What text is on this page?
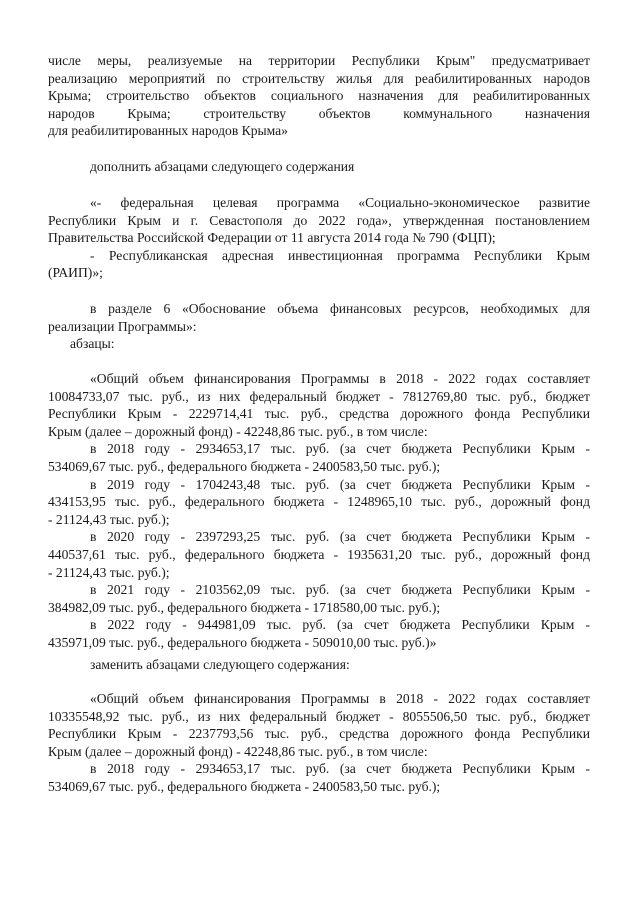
числе меры, реализуемые на территории Республики Крым" предусматривает
реализацию мероприятий по строительству жилья для реабилитированных народов
Крыма; строительство объектов социального назначения для реабилитированных
народов Крыма; строительству объектов коммунального назначения
для реабилитированных народов Крыма»

дополнить абзацами следующего содержания

«- федеральная целевая программа «Социально-экономическое развитие
Республики Крым и г. Севастополя до 2022 года», утвержденная постановлением
Правительства Российской Федерации от 11 августа 2014 года № 790 (ФЦП);
- Республиканская адресная инвестиционная программа Республики Крым
(РАИП)»;

в разделе 6 «Обоснование объема финансовых ресурсов, необходимых для
реализации Программы»:
абзацы:

«Общий объем финансирования Программы в 2018 - 2022 годах составляет
10084733,07 тыс. руб., из них федеральный бюджет - 7812769,80 тыс. руб., бюджет
Республики Крым - 2229714,41 тыс. руб., средства дорожного фонда Республики
Крым (далее – дорожный фонд) - 42248,86 тыс. руб., в том числе:
в 2018 году - 2934653,17 тыс. руб. (за счет бюджета Республики Крым -
534069,67 тыс. руб., федерального бюджета - 2400583,50 тыс. руб.);
в 2019 году - 1704243,48 тыс. руб. (за счет бюджета Республики Крым -
434153,95 тыс. руб., федерального бюджета - 1248965,10 тыс. руб., дорожный фонд
- 21124,43 тыс. руб.);
в 2020 году - 2397293,25 тыс. руб. (за счет бюджета Республики Крым -
440537,61 тыс. руб., федерального бюджета - 1935631,20 тыс. руб., дорожный фонд
- 21124,43 тыс. руб.);
в 2021 году - 2103562,09 тыс. руб. (за счет бюджета Республики Крым -
384982,09 тыс. руб., федерального бюджета - 1718580,00 тыс. руб.);
в 2022 году - 944981,09 тыс. руб. (за счет бюджета Республики Крым -
435971,09 тыс. руб., федерального бюджета - 509010,00 тыс. руб.)»

заменить абзацами следующего содержания:

«Общий объем финансирования Программы в 2018 - 2022 годах составляет
10335548,92 тыс. руб., из них федеральный бюджет - 8055506,50 тыс. руб., бюджет
Республики Крым - 2237793,56 тыс. руб., средства дорожного фонда Республики
Крым (далее – дорожный фонд) - 42248,86 тыс. руб., в том числе:
в 2018 году - 2934653,17 тыс. руб. (за счет бюджета Республики Крым -
534069,67 тыс. руб., федерального бюджета - 2400583,50 тыс. руб.);
